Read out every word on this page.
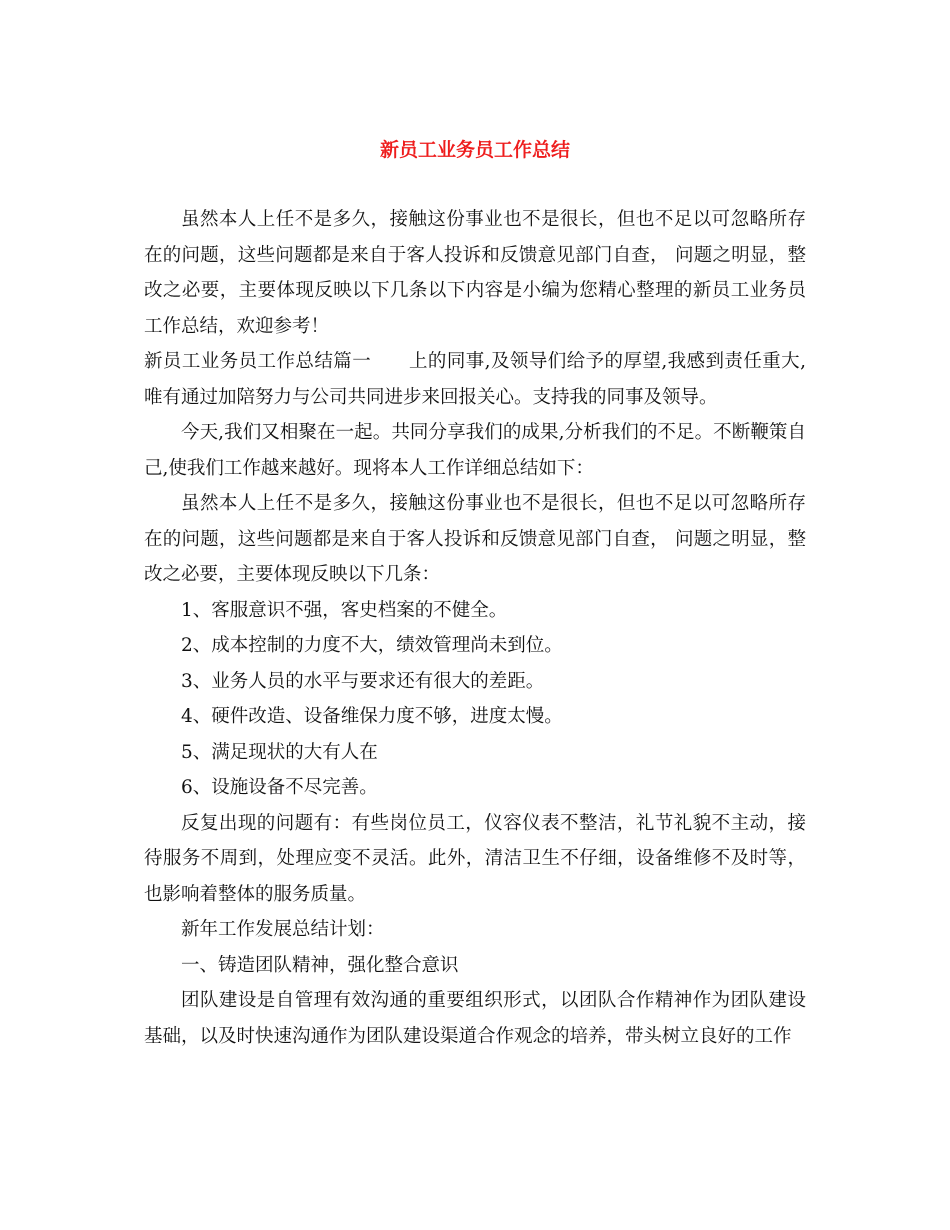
新员工业务员工作总结

虽然本人上任不是多久，接触这份事业也不是很长，但也不足以可忽略所存在的问题，这些问题都是来自于客人投诉和反馈意见部门自查， 问题之明显，整改之必要，主要体现反映以下几条以下内容是小编为您精心整理的新员工业务员工作总结，欢迎参考！

新员工业务员工作总结篇一　　上的同事,及领导们给予的厚望,我感到责任重大,唯有通过加陪努力与公司共同进步来回报关心。支持我的同事及领导。

今天,我们又相聚在一起。共同分享我们的成果,分析我们的不足。不断鞭策自己,使我们工作越来越好。现将本人工作详细总结如下：

虽然本人上任不是多久，接触这份事业也不是很长，但也不足以可忽略所存在的问题，这些问题都是来自于客人投诉和反馈意见部门自查， 问题之明显，整改之必要，主要体现反映以下几条：

1、客服意识不强，客史档案的不健全。

2、成本控制的力度不大，绩效管理尚未到位。

3、业务人员的水平与要求还有很大的差距。

4、硬件改造、设备维保力度不够，进度太慢。

5、满足现状的大有人在

6、设施设备不尽完善。

反复出现的问题有：有些岗位员工，仪容仪表不整洁，礼节礼貌不主动，接待服务不周到，处理应变不灵活。此外，清洁卫生不仔细，设备维修不及时等，也影响着整体的服务质量。

新年工作发展总结计划：

一、铸造团队精神，强化整合意识

团队建设是自管理有效沟通的重要组织形式，以团队合作精神作为团队建设基础，以及时快速沟通作为团队建设渠道合作观念的培养，带头树立良好的工作
